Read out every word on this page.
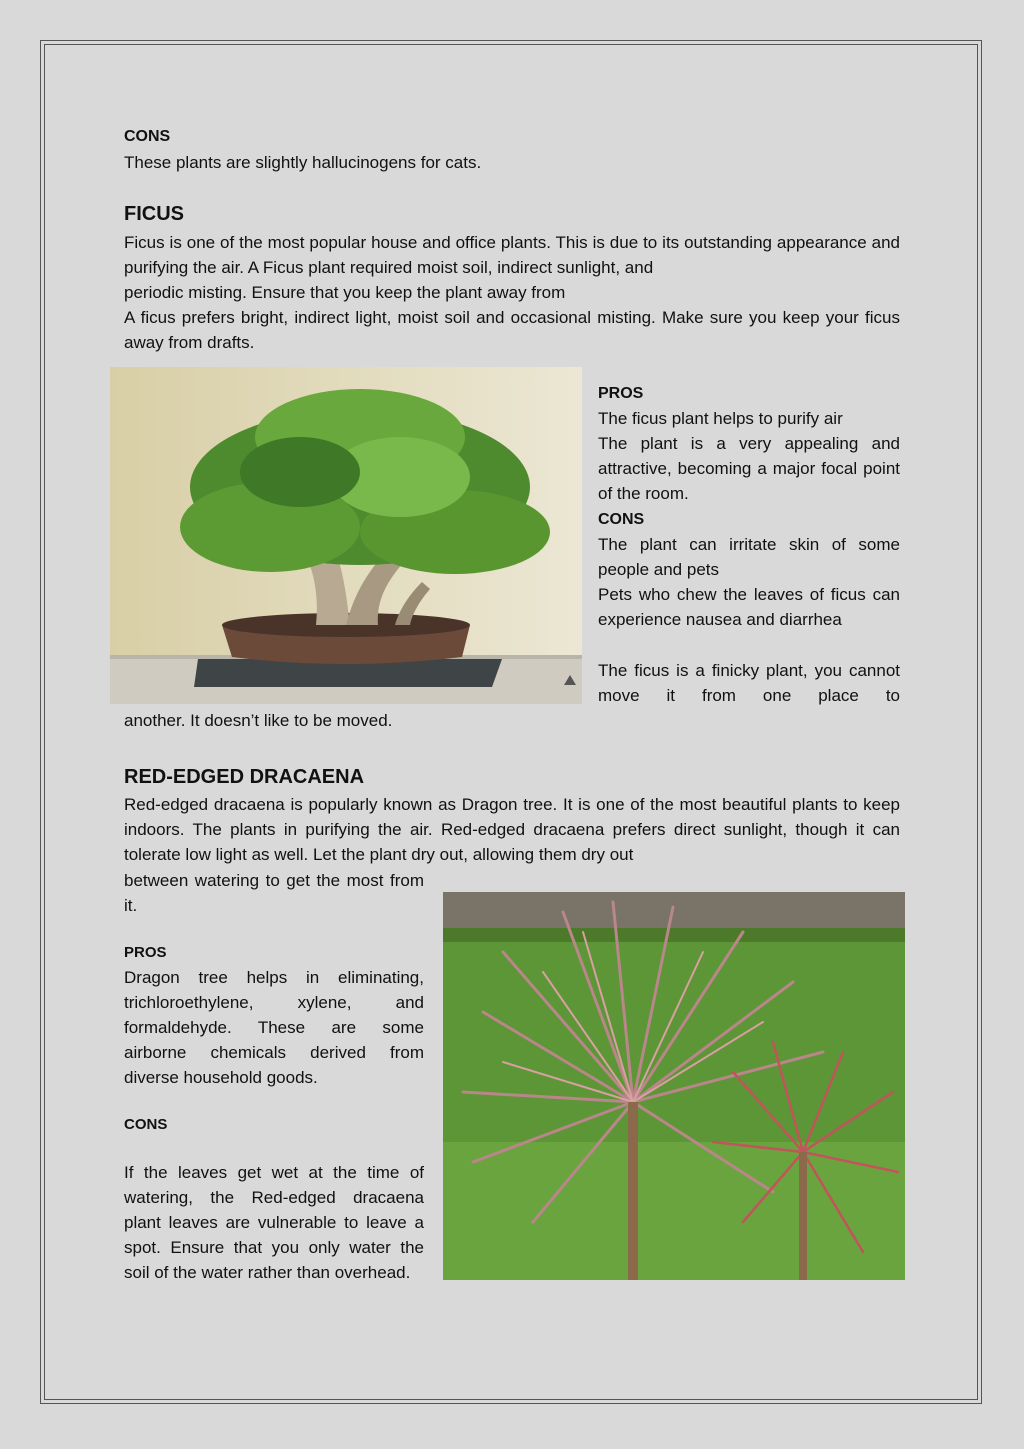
CONS

These plants are slightly hallucinogens for cats.

FICUS

Ficus is one of the most popular house and office plants. This is due to its outstanding appearance and purifying the air. A Ficus plant required moist soil, indirect sunlight, and

periodic misting. Ensure that you keep the plant away from

A ficus prefers bright, indirect light, moist soil and occasional misting. Make sure you keep your ficus away from drafts.

PROS

The ficus plant helps to purify air

The plant is a very appealing and attractive, becoming a major focal point of the room.

CONS

The plant can irritate skin of some people and pets

Pets who chew the leaves of ficus can experience nausea and diarrhea

The ficus is a finicky plant, you cannot move it from one place to

another. It doesn’t like to be moved.

RED-EDGED DRACAENA

Red-edged dracaena is popularly known as Dragon tree. It is one of the most beautiful plants to keep indoors. The plants in purifying the air. Red-edged dracaena prefers direct sunlight, though it can tolerate low light as well. Let the plant dry out, allowing them dry out

between watering to get the most from it.

PROS

Dragon tree helps in eliminating, trichloroethylene, xylene, and formaldehyde. These are some airborne chemicals derived from diverse household goods.

CONS

If the leaves get wet at the time of watering, the Red-edged dracaena plant leaves are vulnerable to leave a spot. Ensure that you only water the soil of the water rather than overhead.
